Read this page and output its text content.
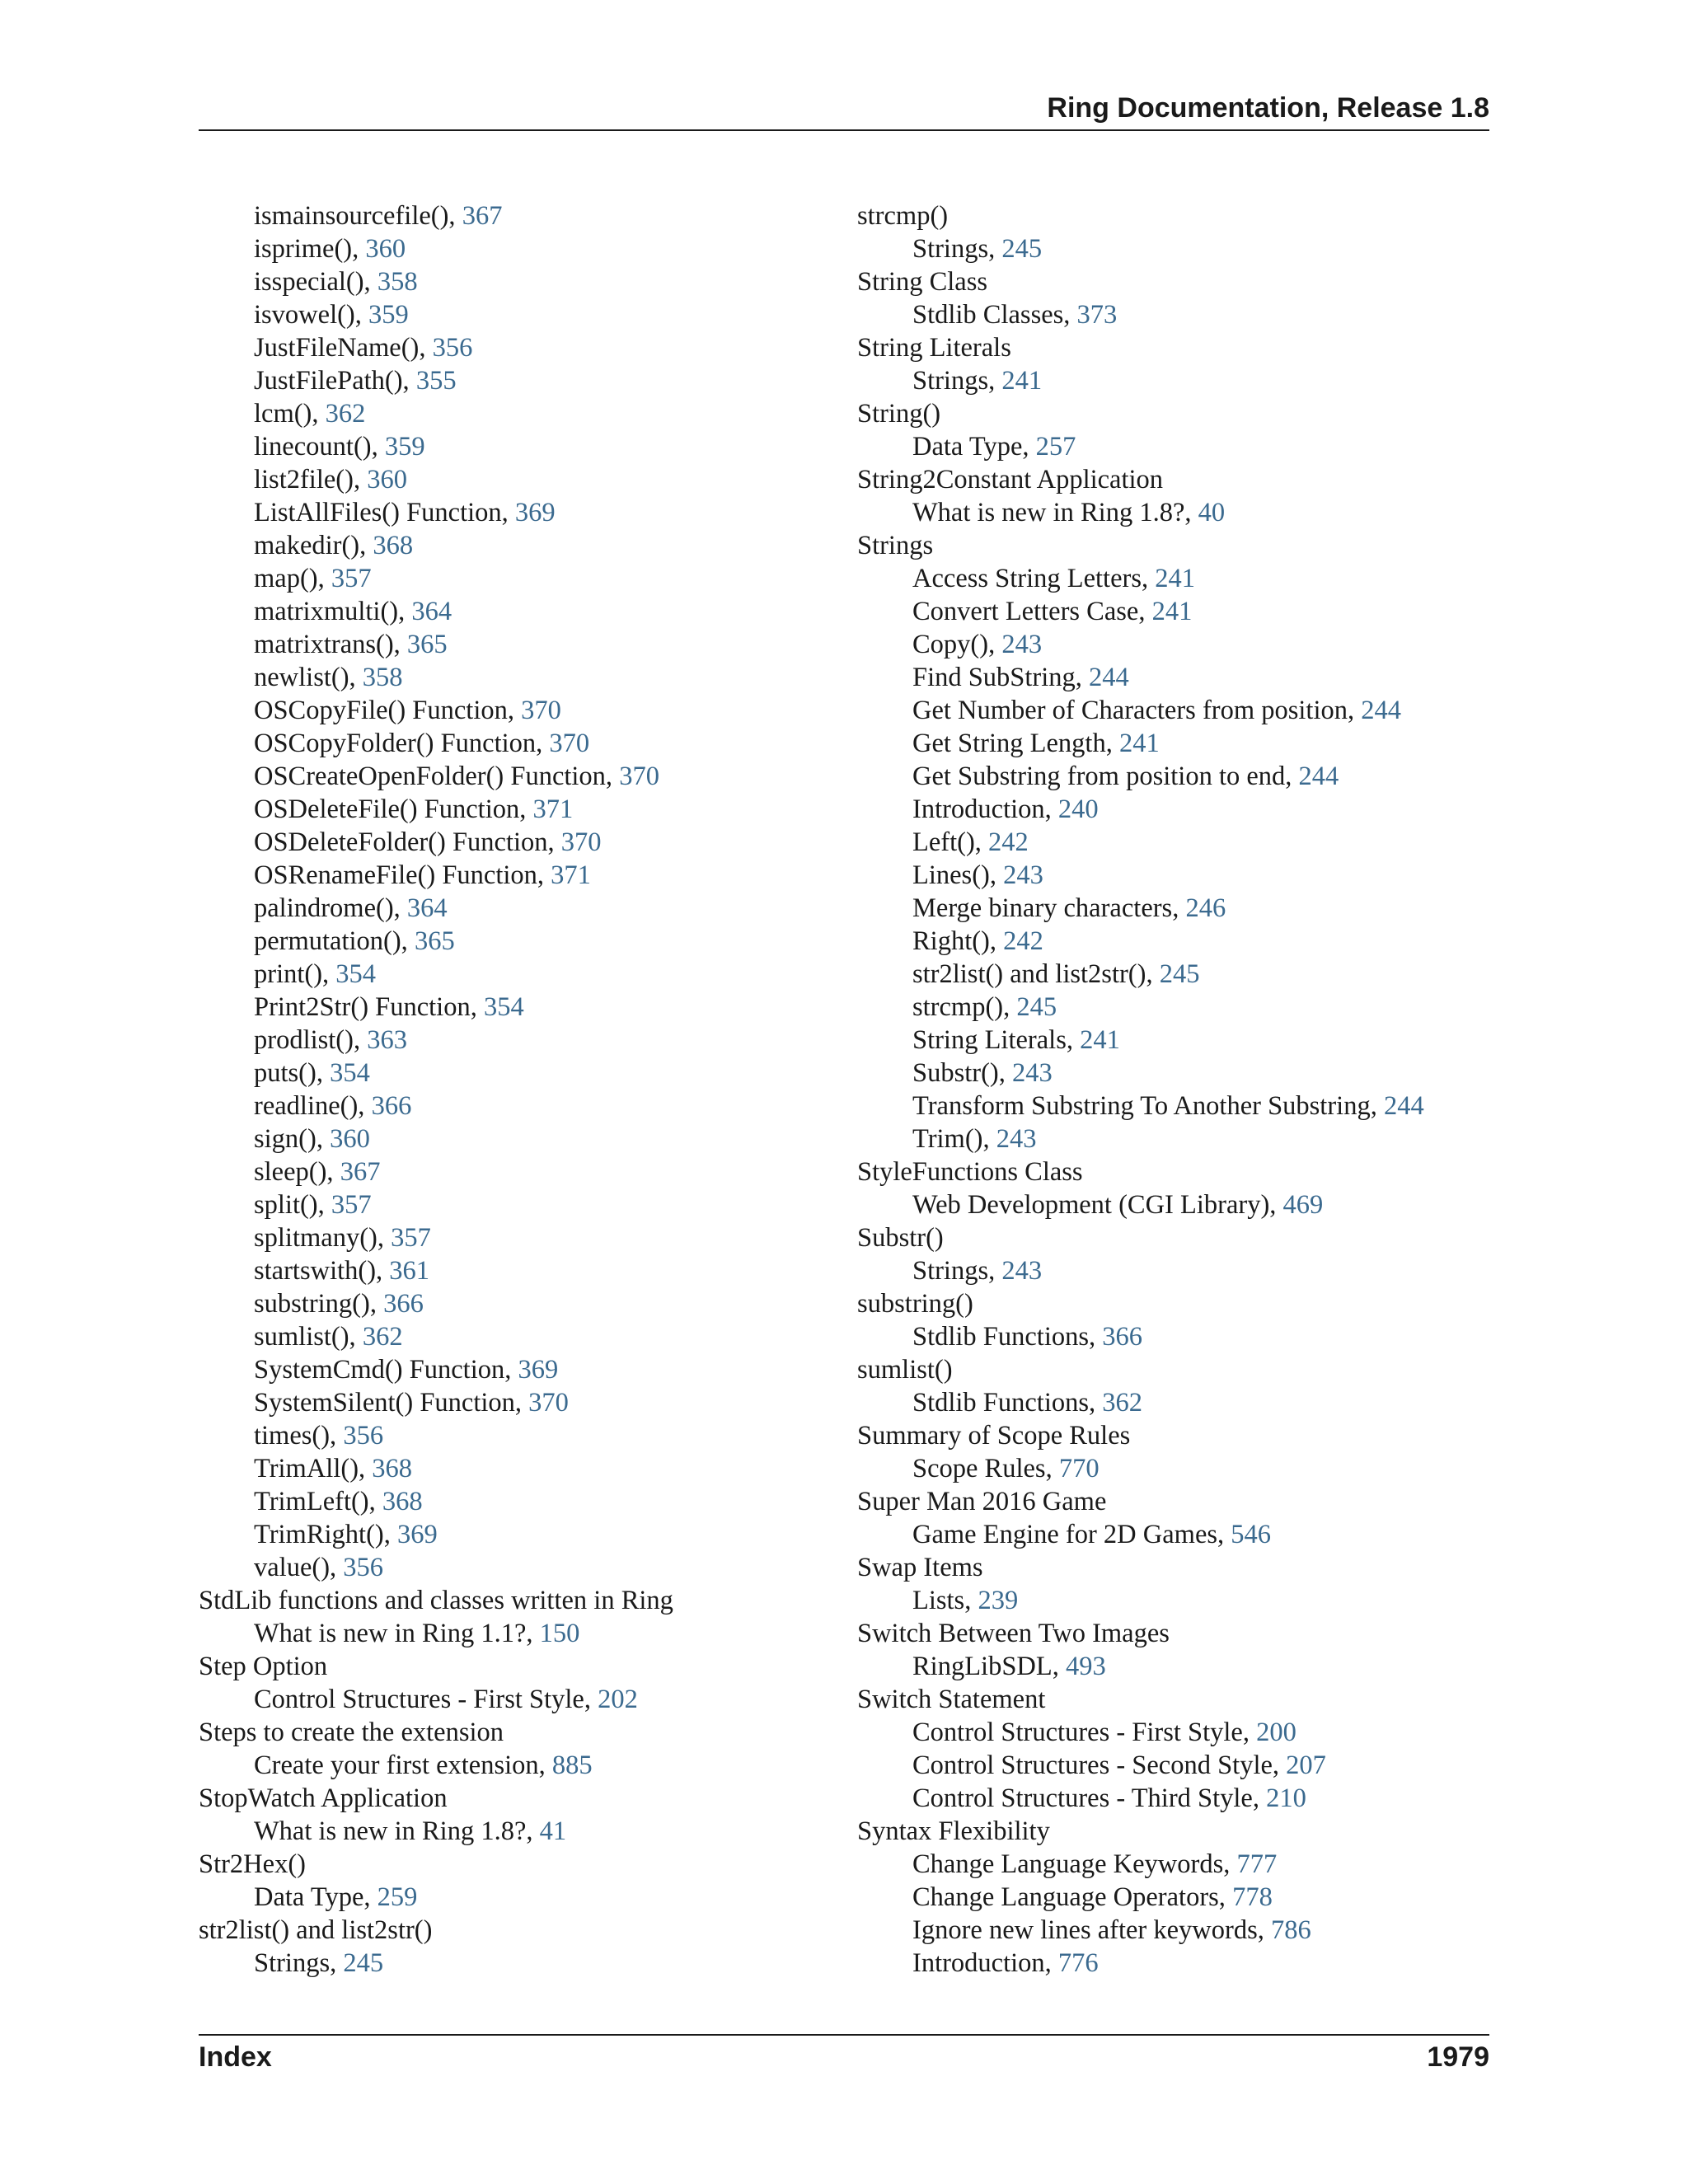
Ring Documentation, Release 1.8
ismainsourcefile(), 367
isprime(), 360
isspecial(), 358
isvowel(), 359
JustFileName(), 356
JustFilePath(), 355
lcm(), 362
linecount(), 359
list2file(), 360
ListAllFiles() Function, 369
makedir(), 368
map(), 357
matrixmulti(), 364
matrixtrans(), 365
newlist(), 358
OSCopyFile() Function, 370
OSCopyFolder() Function, 370
OSCreateOpenFolder() Function, 370
OSDeleteFile() Function, 371
OSDeleteFolder() Function, 370
OSRenameFile() Function, 371
palindrome(), 364
permutation(), 365
print(), 354
Print2Str() Function, 354
prodlist(), 363
puts(), 354
readline(), 366
sign(), 360
sleep(), 367
split(), 357
splitmany(), 357
startswith(), 361
substring(), 366
sumlist(), 362
SystemCmd() Function, 369
SystemSilent() Function, 370
times(), 356
TrimAll(), 368
TrimLeft(), 368
TrimRight(), 369
value(), 356
StdLib functions and classes written in Ring
What is new in Ring 1.1?, 150
Step Option
Control Structures - First Style, 202
Steps to create the extension
Create your first extension, 885
StopWatch Application
What is new in Ring 1.8?, 41
Str2Hex()
Data Type, 259
str2list() and list2str()
Strings, 245
strcmp()
Strings, 245
String Class
Stdlib Classes, 373
String Literals
Strings, 241
String()
Data Type, 257
String2Constant Application
What is new in Ring 1.8?, 40
Strings
Access String Letters, 241
Convert Letters Case, 241
Copy(), 243
Find SubString, 244
Get Number of Characters from position, 244
Get String Length, 241
Get Substring from position to end, 244
Introduction, 240
Left(), 242
Lines(), 243
Merge binary characters, 246
Right(), 242
str2list() and list2str(), 245
strcmp(), 245
String Literals, 241
Substr(), 243
Transform Substring To Another Substring, 244
Trim(), 243
StyleFunctions Class
Web Development (CGI Library), 469
Substr()
Strings, 243
substring()
Stdlib Functions, 366
sumlist()
Stdlib Functions, 362
Summary of Scope Rules
Scope Rules, 770
Super Man 2016 Game
Game Engine for 2D Games, 546
Swap Items
Lists, 239
Switch Between Two Images
RingLibSDL, 493
Switch Statement
Control Structures - First Style, 200
Control Structures - Second Style, 207
Control Structures - Third Style, 210
Syntax Flexibility
Change Language Keywords, 777
Change Language Operators, 778
Ignore new lines after keywords, 786
Introduction, 776
Index	1979
